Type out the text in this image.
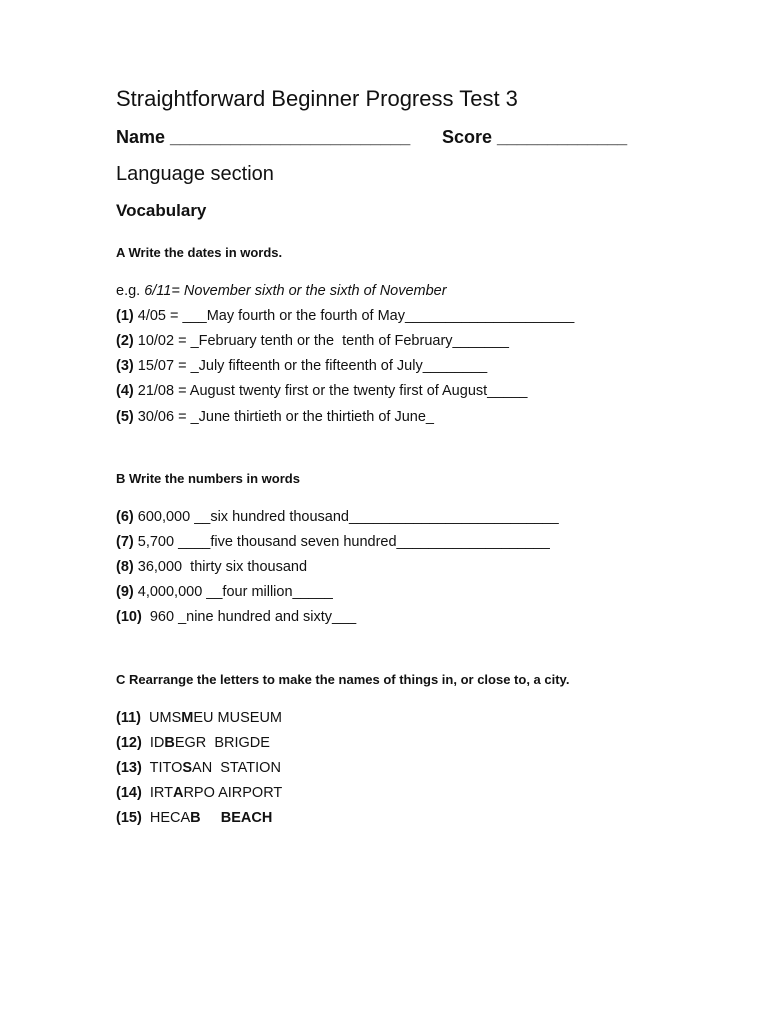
Straightforward Beginner Progress Test 3
Name ________________________ Score _____________
Language section
Vocabulary
A Write the dates in words.
e.g. 6/11= November sixth or the sixth of November
(1) 4/05 = ___May fourth or the fourth of May_____________________
(2) 10/02 = _February tenth or the  tenth of February_______
(3) 15/07 = _July fifteenth or the fifteenth of July________
(4) 21/08 = August twenty first or the twenty first of August_____
(5) 30/06 = _June thirtieth or the thirtieth of June_
B Write the numbers in words
(6) 600,000 __six hundred thousand__________________________
(7) 5,700 ____five thousand seven hundred___________________
(8) 36,000  thirty six thousand
(9) 4,000,000 __four million_____
(10)  960 _nine hundred and sixty___
C Rearrange the letters to make the names of things in, or close to, a city.
(11)  UMSMEU MUSEUM
(12)  IDBEGR  BRIGDE
(13)  TITOSAN  STATION
(14)  IRTARPO AIRPORT
(15)  HECAB     BEACH
